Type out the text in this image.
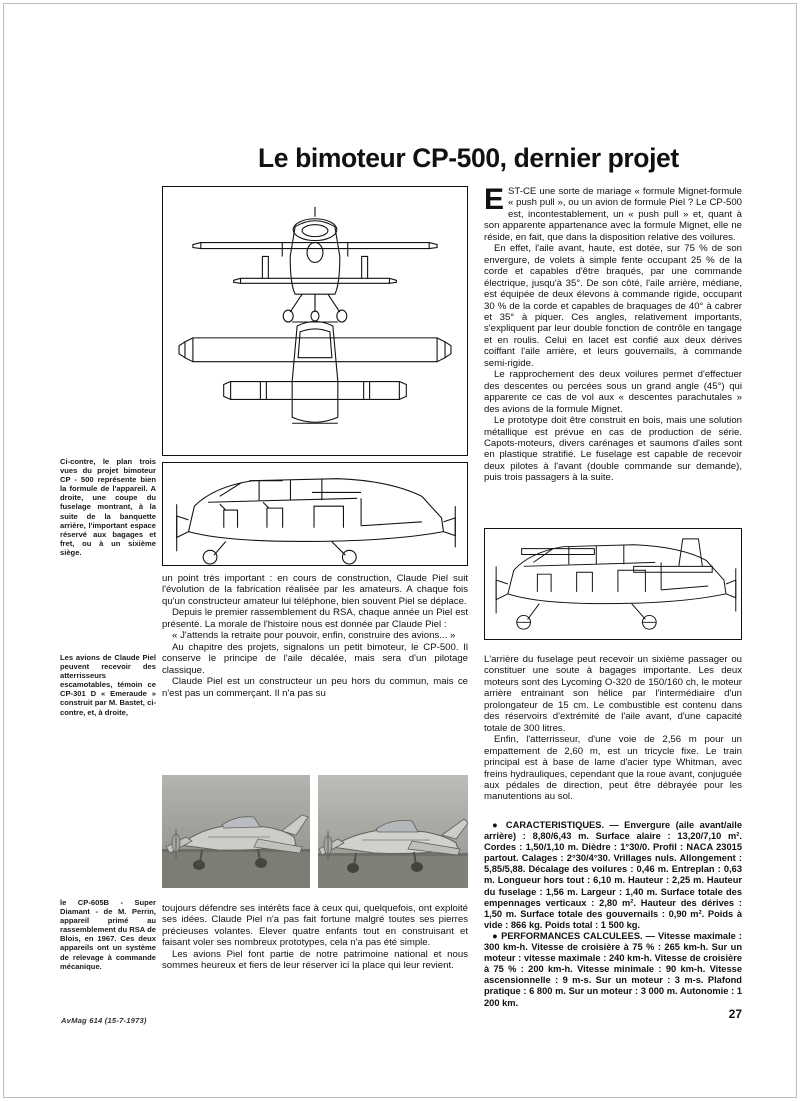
Le bimoteur CP-500, dernier projet

EST-CE une sorte de mariage « formule Mignet-formule « push pull », ou un avion de formule Piel ? Le CP-500 est, incontestablement, un « push pull » et, quant à son apparente appartenance avec la formule Mignet, elle ne réside, en fait, que dans la disposition relative des voilures.

En effet, l'aile avant, haute, est dotée, sur 75 % de son envergure, de volets à simple fente occupant 25 % de la corde et capables d'être braqués, par une commande électrique, jusqu'à 35°. De son côté, l'aile arrière, médiane, est équipée de deux élevons à commande rigide, occupant 30 % de la corde et capables de braquages de 40° à cabrer et 35° à piquer. Ces angles, relativement importants, s'expliquent par leur double fonction de contrôle en tangage et en roulis. Celui en lacet est confié aux deux dérives coiffant l'aile arrière, et leurs gouvernails, à commande semi-rigide.

Le rapprochement des deux voilures permet d'effectuer des descentes ou percées sous un grand angle (45°) qui apparente ce cas de vol aux « descentes parachutales » des avions de la formule Mignet.

Le prototype doit être construit en bois, mais une solution métallique est prévue en cas de production de série. Capots-moteurs, divers carénages et saumons d'ailes sont en plastique stratifié. Le fuselage est capable de recevoir deux pilotes à l'avant (double commande sur demande), puis trois passagers à la suite.

L'arrière du fuselage peut recevoir un sixième passager ou constituer une soute à bagages importante. Les deux moteurs sont des Lycoming O-320 de 150/160 ch, le moteur arrière entrainant son hélice par l'intermédiaire d'un prolongateur de 15 cm. Le combustible est contenu dans des réservoirs d'extrémité de l'aile avant, d'une capacité totale de 300 litres.

Enfin, l'atterrisseur, d'une voie de 2,56 m pour un empattement de 2,60 m, est un tricycle fixe. Le train principal est à base de lame d'acier type Whitman, avec freins hydrauliques, cependant que la roue avant, conjuguée aux pédales de direction, peut être débrayée pour les manutentions au sol.

● CARACTERISTIQUES. — Envergure (aile avant/aile arrière) : 8,80/6,43 m. Surface alaire : 13,20/7,10 m². Cordes : 1,50/1,10 m. Dièdre : 1°30/0. Profil : NACA 23015 partout. Calages : 2°30/4°30. Vrillages nuls. Allongement : 5,85/5,88. Décalage des voilures : 0,46 m. Entreplan : 0,63 m. Longueur hors tout : 6,10 m. Hauteur : 2,25 m. Hauteur du fuselage : 1,56 m. Largeur : 1,40 m. Surface totale des empennages verticaux : 2,80 m². Hauteur des dérives : 1,50 m. Surface totale des gouvernails : 0,90 m². Poids à vide : 866 kg. Poids total : 1 500 kg.

● PERFORMANCES CALCULEES. — Vitesse maximale : 300 km-h. Vitesse de croisière à 75 % : 265 km-h. Sur un moteur : vitesse maximale : 240 km-h. Vitesse de croisière à 75 % : 200 km-h. Vitesse minimale : 90 km-h. Vitesse ascensionnelle : 9 m-s. Sur un moteur : 3 m-s. Plafond pratique : 6 800 m. Sur un moteur : 3 000 m. Autonomie : 1 200 km.

un point très important : en cours de construction, Claude Piel suit l'évolution de la fabrication réalisée par les amateurs. A chaque fois qu'un constructeur amateur lui téléphone, bien souvent Piel se déplace.

Depuis le premier rassemblement du RSA, chaque année un Piel est présenté. La morale de l'histoire nous est donnée par Claude Piel :

« J'attends la retraite pour pouvoir, enfin, construire des avions... »

Au chapitre des projets, signalons un petit bimoteur, le CP-500. Il conserve le principe de l'aile décalée, mais sera d'un pilotage classique.

Claude Piel est un constructeur un peu hors du commun, mais ce n'est pas un commerçant. Il n'a pas su

toujours défendre ses intérêts face à ceux qui, quelquefois, ont exploité ses idées. Claude Piel n'a pas fait fortune malgré toutes ses pierres précieuses volantes. Elever quatre enfants tout en construisant et faisant voler ses nombreux prototypes, cela n'a pas été simple.

Les avions Piel font partie de notre patrimoine national et nous sommes heureux et fiers de leur réserver ici la place qui leur revient.

Ci-contre, le plan trois vues du projet bimoteur CP - 500 représente bien la formule de l'appareil. A droite, une coupe du fuselage montrant, à la suite de la banquette arrière, l'important espace réservé aux bagages et fret, ou à un sixième siège.
Les avions de Claude Piel peuvent recevoir des atterrisseurs escamotables, témoin ce CP-301 D « Emeraude » construit par M. Bastet, ci-contre, et, à droite,
le CP-605B - Super Diamant - de M. Perrin, appareil primé au rassemblement du RSA de Blois, en 1967. Ces deux appareils ont un système de relevage à commande mécanique.
AvMag 614 (15-7-1973)	27
